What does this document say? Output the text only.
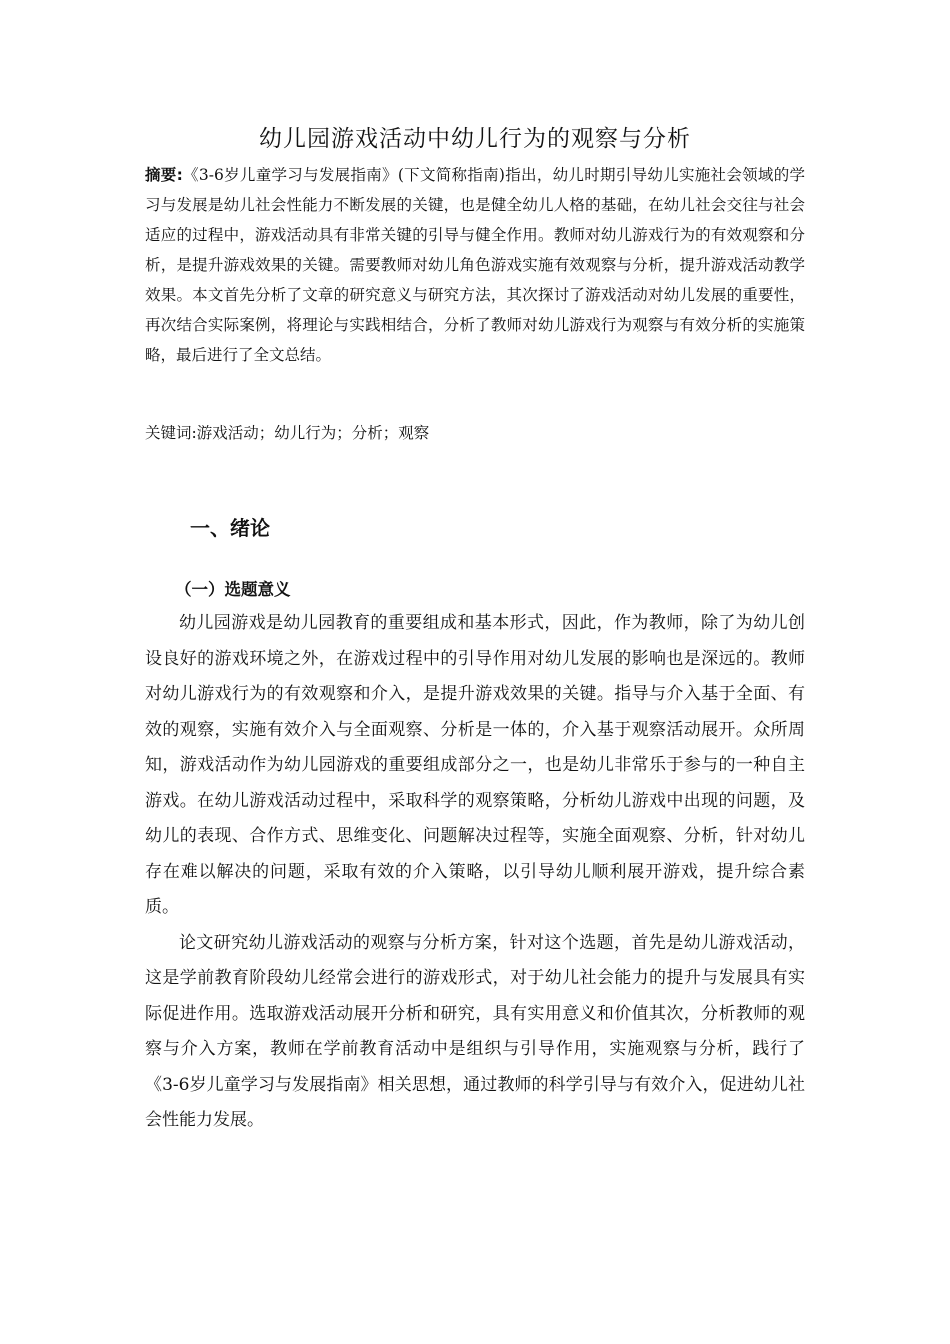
幼儿园游戏活动中幼儿行为的观察与分析
摘要:《3-6岁儿童学习与发展指南》(下文简称指南)指出，幼儿时期引导幼儿实施社会领域的学习与发展是幼儿社会性能力不断发展的关键，也是健全幼儿人格的基础，在幼儿社会交往与社会适应的过程中，游戏活动具有非常关键的引导与健全作用。教师对幼儿游戏行为的有效观察和分析，是提升游戏效果的关键。需要教师对幼儿角色游戏实施有效观察与分析，提升游戏活动教学效果。本文首先分析了文章的研究意义与研究方法，其次探讨了游戏活动对幼儿发展的重要性，再次结合实际案例，将理论与实践相结合，分析了教师对幼儿游戏行为观察与有效分析的实施策略，最后进行了全文总结。
关键词:游戏活动；幼儿行为；分析；观察
一、绪论
（一）选题意义

幼儿园游戏是幼儿园教育的重要组成和基本形式，因此，作为教师，除了为幼儿创设良好的游戏环境之外，在游戏过程中的引导作用对幼儿发展的影响也是深远的。教师对幼儿游戏行为的有效观察和介入，是提升游戏效果的关键。指导与介入基于全面、有效的观察，实施有效介入与全面观察、分析是一体的，介入基于观察活动展开。众所周知，游戏活动作为幼儿园游戏的重要组成部分之一，也是幼儿非常乐于参与的一种自主游戏。在幼儿游戏活动过程中，采取科学的观察策略，分析幼儿游戏中出现的问题，及幼儿的表现、合作方式、思维变化、问题解决过程等，实施全面观察、分析，针对幼儿存在难以解决的问题，采取有效的介入策略，以引导幼儿顺利展开游戏，提升综合素质。

论文研究幼儿游戏活动的观察与分析方案，针对这个选题，首先是幼儿游戏活动，这是学前教育阶段幼儿经常会进行的游戏形式，对于幼儿社会能力的提升与发展具有实际促进作用。选取游戏活动展开分析和研究，具有实用意义和价值其次，分析教师的观察与介入方案，教师在学前教育活动中是组织与引导作用，实施观察与分析，践行了《3-6岁儿童学习与发展指南》相关思想，通过教师的科学引导与有效介入，促进幼儿社会性能力发展。
